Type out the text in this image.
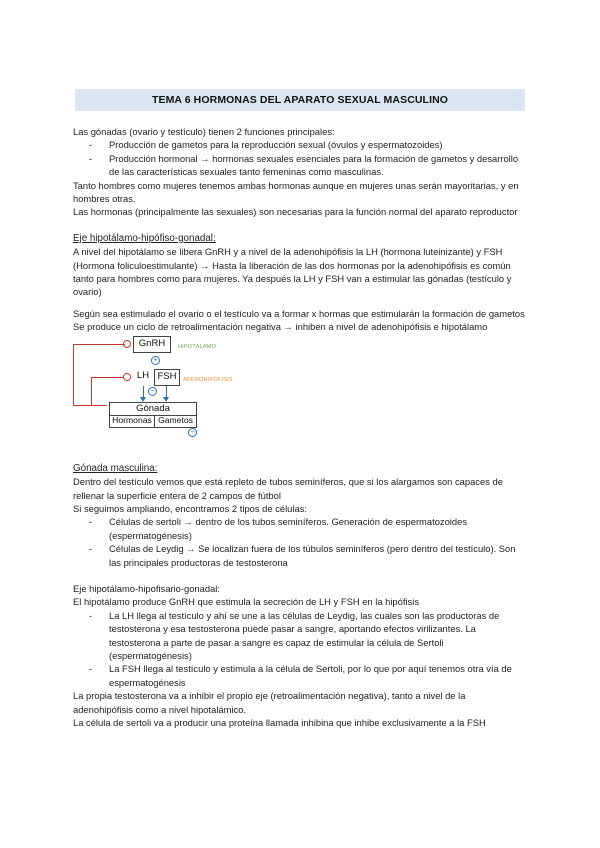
TEMA 6 HORMONAS DEL APARATO SEXUAL MASCULINO

Las gónadas (ovario y testículo) tienen 2 funciones principales:

- Producción de gametos para la reproducción sexual (óvulos y espermatozoides)
- Producción hormonal → hormonas sexuales esenciales para la formación de gametos y desarrollo de las características sexuales tanto femeninas como masculinas.

Tanto hombres como mujeres tenemos ambas hormonas aunque en mujeres unas serán mayoritarias, y en hombres otras.

Las hormonas (principalmente las sexuales) son necesarias para la función normal del aparato reproductor

Eje hipotálamo-hipófiso-gonadal:

A nivel del hipotálamo se libera GnRH y a nivel de la adenohipófisis la LH (hormona luteinizante) y FSH (Hormona foliculoestimulante) → Hasta la liberación de las dos hormonas por la adenohipófisis es común tanto para hombres como para mujeres. Ya después la LH y FSH van a estimular las gónadas (testículo y ovario)

Según sea estimulado el ovario o el testículo va a formar x hormas que estimularán la formación de gametos

Se produce un ciclo de retroalimentación negativa → inhiben a nivel de adenohipófisis e hipotálamo

GnRH HIPOTÁLAMO
+
LH FSH ADENOHIPÓFISIS
−
Gónada
Hormonas Gametos
−

Gónada masculina:

Dentro del testículo vemos que está repleto de tubos seminíferos, que si los alargamos son capaces de rellenar la superficie entera de 2 campos de fútbol

Si seguimos ampliando, encontramos 2 tipos de células:

- Células de sertoli → dentro de los tubos seminíferos. Generación de espermatozoides (espermatogénesis)
- Células de Leydig → Se localizan fuera de los túbulos seminíferos (pero dentro del testículo). Son las principales productoras de testosterona

Eje hipotálamo-hipofisario-gonadal:

El hipotálamo produce GnRH que estimula la secreción de LH y FSH en la hipófisis

- La LH llega al testículo y ahí se une a las células de Leydig, las cuales son las productoras de testosterona y esa testosterona puede pasar a sangre, aportando efectos virilizantes. La testosterona a parte de pasar a sangre es capaz de estimular la célula de Sertoli (espermatogénesis)
- La FSH llega al testículo y estimula a la célula de Sertoli, por lo que por aquí tenemos otra vía de espermatogénesis

La propia testosterona va a inhibir el propio eje (retroalimentación negativa), tanto a nivel de la adenohipófisis como a nivel hipotalámico.

La célula de sertoli va a producir una proteína llamada inhibina que inhibe exclusivamente a la FSH
